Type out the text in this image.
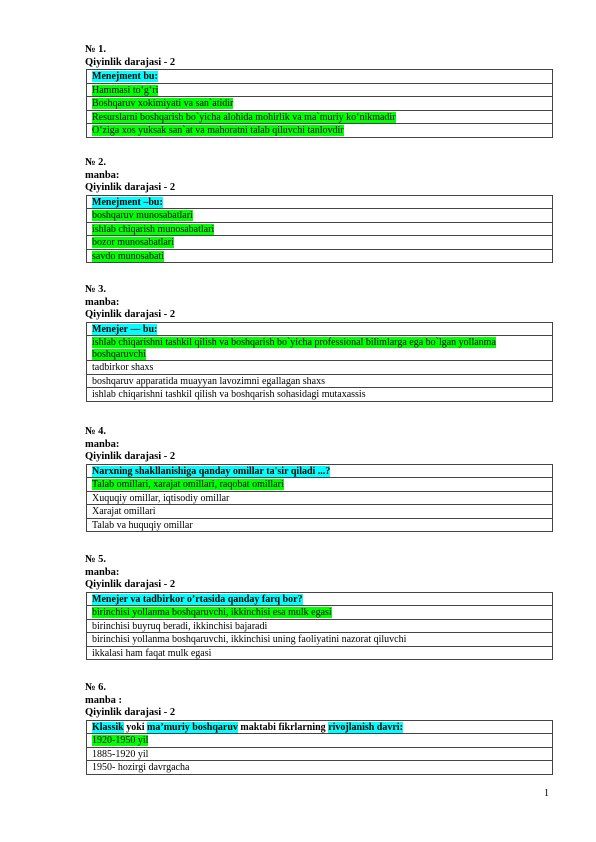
№ 1.
Qiyinlik darajasi - 2
Menejment bu:
Hammasi to‘g‘ri
Boshqaruv xokimiyati va san`atidir
Resurslarni boshqarish bo`yicha alohida mohirlik va ma`muriy ko‘nikmadir
O‘ziga xos yuksak san`at va mahoratni talab qiluvchi tanlovdir
№ 2.
manba:
Qiyinlik darajasi - 2
Menejment –bu:
boshqaruv munosabatlari
ishlab chiqarish munosabatlari
bozor munosabatlari
savdo munosabati
№ 3.
manba:
Qiyinlik darajasi - 2
Menejer — bu:
ishlab chiqarishni tashkil qilish va boshqarish bo`yicha professional bilimlarga ega bo`lgan yollanma boshqaruvchi
tadbirkor shaxs
boshqaruv apparatida muayyan lavozimni egallagan shaxs
ishlab chiqarishni tashkil qilish va boshqarish sohasidagi mutaxassis
№ 4.
manba:
Qiyinlik darajasi - 2
Narxning shakllanishiga qanday omillar ta'sir qiladi ...?
Talab omillari, xarajat omillari, raqobat omillari
Xuquqiy omillar, iqtisodiy omillar
Xarajat omillari
Talab va huquqiy omillar
№ 5.
manba:
Qiyinlik darajasi - 2
Menejer va tadbirkor o’rtasida qanday farq bor?
birinchisi yollanma boshqaruvchi, ikkinchisi esa mulk egasi
birinchisi buyruq beradi, ikkinchisi bajaradi
birinchisi yollanma boshqaruvchi, ikkinchisi uning faoliyatini nazorat qiluvchi
ikkalasi ham faqat mulk egasi
№ 6.
manba :
Qiyinlik darajasi - 2
Klassik yoki ma’muriy boshqaruv maktabi fikrlarning rivojlanish davri:
1920-1950 yil
1885-1920 yil
1950- hozirgi davrgacha
1
